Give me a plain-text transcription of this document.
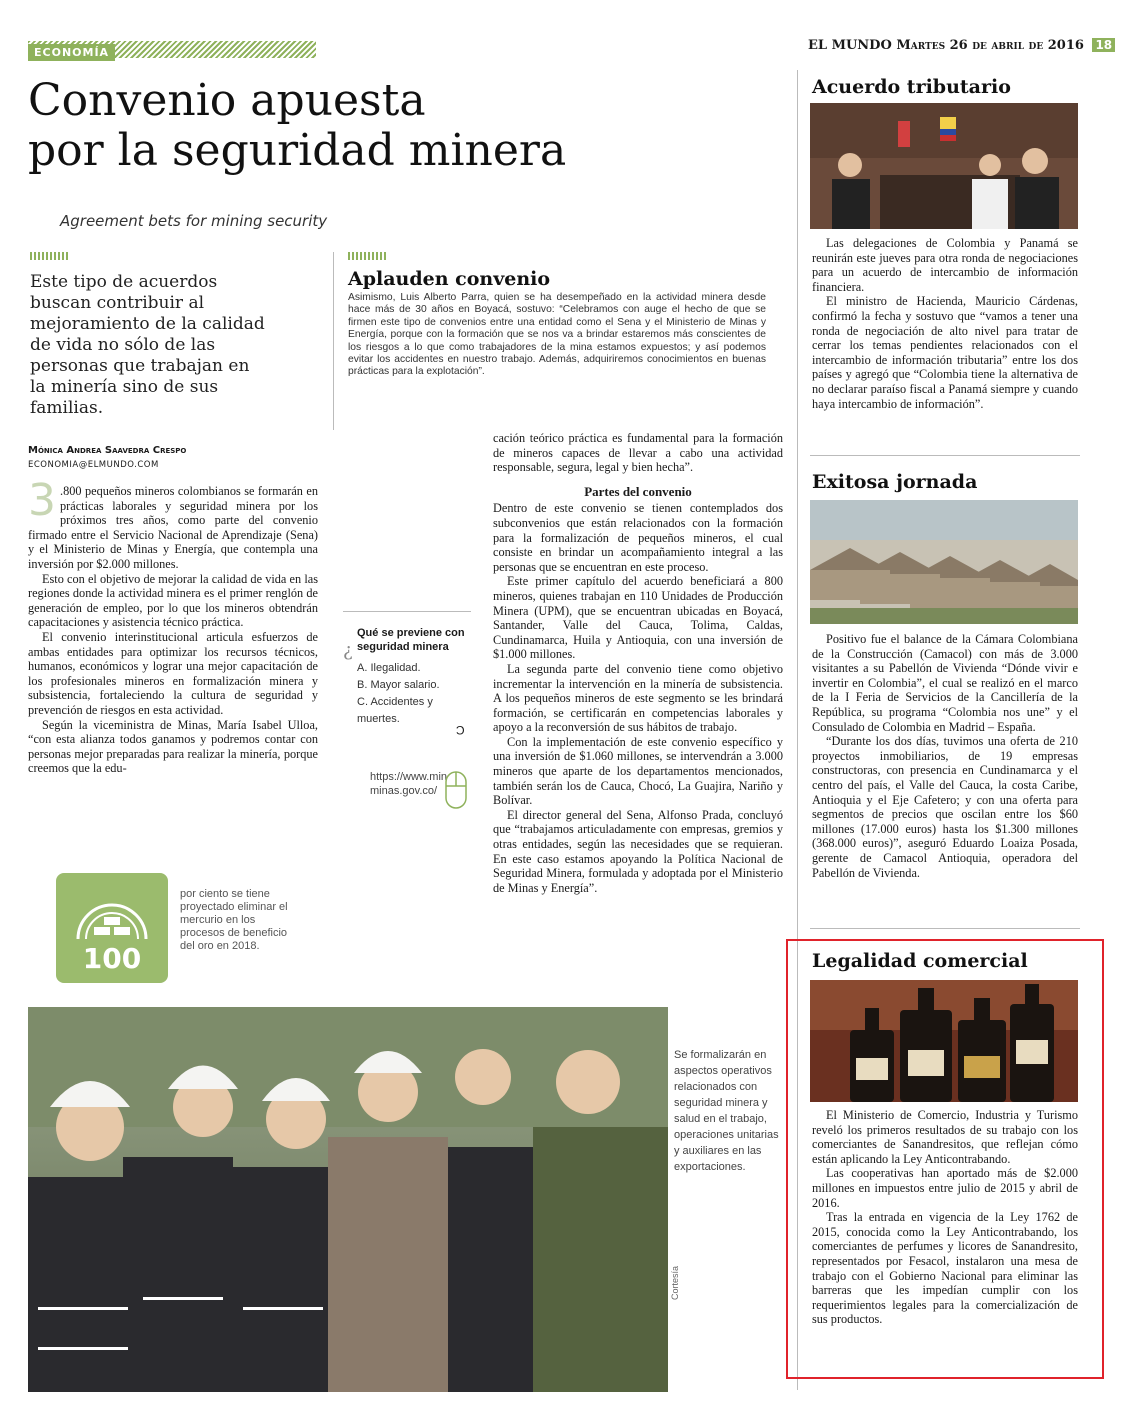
ECONOMÍA	EL MUNDO Martes 26 de abril de 2016 18
Convenio apuesta
por la seguridad minera
Agreement bets for mining security
Este tipo de acuerdos buscan contribuir al mejoramiento de la calidad de vida no sólo de las personas que trabajan en la minería sino de sus familias.
Aplauden convenio
Asimismo, Luis Alberto Parra, quien se ha desempeñado en la actividad minera desde hace más de 30 años en Boyacá, sostuvo: “Celebramos con auge el hecho de que se firmen este tipo de convenios entre una entidad como el Sena y el Ministerio de Minas y Energía, porque con la formación que se nos va a brindar estaremos más conscientes de los riesgos a lo que como trabajadores de la mina estamos expuestos; y así podemos evitar los accidentes en nuestro trabajo. Además, adquiriremos conocimientos en buenas prácticas para la explotación”.
Mónica Andrea Saavedra Crespo
ECONOMIA@ELMUNDO.COM

3 .800 pequeños mineros colombianos se formarán en prácticas laborales y seguridad minera por los próximos tres años, como parte del convenio firmado entre el Servicio Nacional de Aprendizaje (Sena) y el Ministerio de Minas y Energía, que contempla una inversión por $2.000 millones.

Esto con el objetivo de mejorar la calidad de vida en las regiones donde la actividad minera es el primer renglón de generación de empleo, por lo que los mineros obtendrán capacitaciones y asistencia técnico práctica.

El convenio interinstitucional articula esfuerzos de ambas entidades para optimizar los recursos técnicos, humanos, económicos y lograr una mejor capacitación de los profesionales mineros en formalización minera y subsistencia, fortaleciendo la cultura de seguridad y prevención de riesgos en esta actividad.

Según la viceministra de Minas, María Isabel Ulloa, “con esta alianza todos ganamos y podremos contar con personas mejor preparadas para realizar la minería, porque creemos que la edu-

¿
Qué se previene con seguridad minera
A. Ilegalidad.
B. Mayor salario.
C. Accidentes y muertes.
C
https://www.minminas.gov.co/

cación teórico práctica es fundamental para la formación de mineros capaces de llevar a cabo una actividad responsable, segura, legal y bien hecha”.

Partes del convenio

Dentro de este convenio se tienen contemplados dos subconvenios que están relacionados con la formación para la formalización de pequeños mineros, el cual consiste en brindar un acompañamiento integral a las personas que se encuentran en este proceso.

Este primer capítulo del acuerdo beneficiará a 800 mineros, quienes trabajan en 110 Unidades de Producción Minera (UPM), que se encuentran ubicadas en Boyacá, Santander, Valle del Cauca, Tolima, Caldas, Cundinamarca, Huila y Antioquia, con una inversión de $1.000 millones.

La segunda parte del convenio tiene como objetivo incrementar la intervención en la minería de subsistencia. A los pequeños mineros de este segmento se les brindará formación, se certificarán en competencias laborales y apoyo a la reconversión de sus hábitos de trabajo.

Con la implementación de este convenio específico y una inversión de $1.060 millones, se intervendrán a 3.000 mineros que aparte de los departamentos mencionados, también serán los de Cauca, Chocó, La Guajira, Nariño y Bolívar.

El director general del Sena, Alfonso Prada, concluyó que “trabajamos articuladamente con empresas, gremios y otras entidades, según las necesidades que se requieran. En este caso estamos apoyando la Política Nacional de Seguridad Minera, formulada y adoptada por el Ministerio de Minas y Energía”.

100
por ciento se tiene proyectado eliminar el mercurio en los procesos de beneficio del oro en 2018.
Se formalizarán en aspectos operativos relacionados con seguridad minera y salud en el trabajo, operaciones unitarias y auxiliares en las exportaciones.
Cortesía
Acuerdo tributario

Las delegaciones de Colombia y Panamá se reunirán este jueves para otra ronda de negociaciones para un acuerdo de intercambio de información financiera.

El ministro de Hacienda, Mauricio Cárdenas, confirmó la fecha y sostuvo que “vamos a tener una ronda de negociación de alto nivel para tratar de cerrar los temas pendientes relacionados con el intercambio de información tributaria” entre los dos países y agregó que “Colombia tiene la alternativa de no declarar paraíso fiscal a Panamá siempre y cuando haya intercambio de información”.

Exitosa jornada

Positivo fue el balance de la Cámara Colombiana de la Construcción (Camacol) con más de 3.000 visitantes a su Pabellón de Vivienda “Dónde vivir e invertir en Colombia”, el cual se realizó en el marco de la I Feria de Servicios de la Cancillería de la República, su programa “Colombia nos une” y el Consulado de Colombia en Madrid – España.

“Durante los dos días, tuvimos una oferta de 210 proyectos inmobiliarios, de 19 empresas constructoras, con presencia en Cundinamarca y el centro del país, el Valle del Cauca, la costa Caribe, Antioquia y el Eje Cafetero; y con una oferta para segmentos de precios que oscilan entre los $60 millones (17.000 euros) hasta los $1.300 millones (368.000 euros)”, aseguró Eduardo Loaiza Posada, gerente de Camacol Antioquia, operadora del Pabellón de Vivienda.

Legalidad comercial

El Ministerio de Comercio, Industria y Turismo reveló los primeros resultados de su trabajo con los comerciantes de Sanandresitos, que reflejan cómo están aplicando la Ley Anticontrabando.

Las cooperativas han aportado más de $2.000 millones en impuestos entre julio de 2015 y abril de 2016.

Tras la entrada en vigencia de la Ley 1762 de 2015, conocida como la Ley Anticontrabando, los comerciantes de perfumes y licores de Sanandresito, representados por Fesacol, instalaron una mesa de trabajo con el Gobierno Nacional para eliminar las barreras que les impedían cumplir con los requerimientos legales para la comercialización de sus productos.
